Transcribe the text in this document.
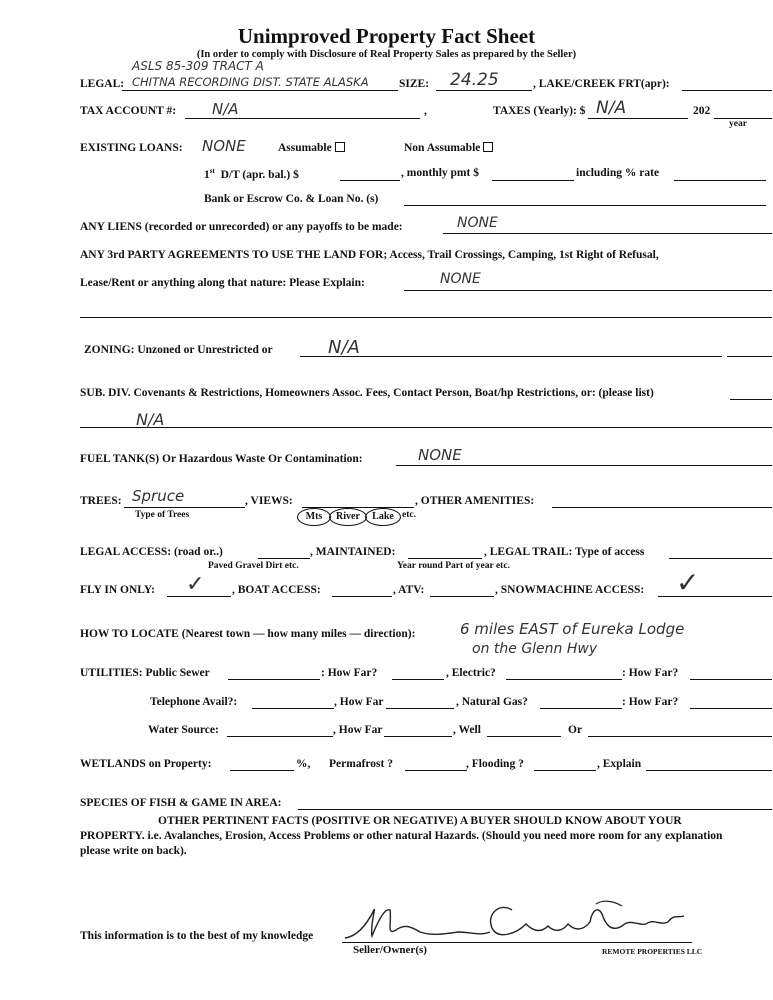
Unimproved Property Fact Sheet
(In order to comply with Disclosure of Real Property Sales as prepared by the Seller)
ASLS 85-309 TRACT A
LEGAL: CHITNA RECORDING DIST. STATE ALASKA	SIZE: 24.25	, LAKE/CREEK FRT(apr):
TAX ACCOUNT #: N/A	,	TAXES (Yearly): $ N/A	202
year
EXISTING LOANS: NONE	Assumable	Non Assumable
1st D/T (apr. bal.) $	, monthly pmt $	including % rate
Bank or Escrow Co. & Loan No. (s)
ANY LIENS (recorded or unrecorded) or any payoffs to be made:	NONE
ANY 3rd PARTY AGREEMENTS TO USE THE LAND FOR; Access, Trail Crossings, Camping, 1st Right of Refusal,
Lease/Rent or anything along that nature: Please Explain:	NONE
ZONING: Unzoned or Unrestricted or	N/A
SUB. DIV. Covenants & Restrictions, Homeowners Assoc. Fees, Contact Person, Boat/hp Restrictions, or: (please list)
N/A
FUEL TANK(S) Or Hazardous Waste Or Contamination:	NONE
TREES: Spruce
Type of Trees
, VIEWS:
Mts	River	Lake etc.
, OTHER AMENITIES:
LEGAL ACCESS: (road or..)	, MAINTAINED:	, LEGAL TRAIL: Type of access
Paved Gravel Dirt etc.	Year round Part of year etc.
FLY IN ONLY: ✓ , BOAT ACCESS:	, ATV:	, SNOWMACHINE ACCESS: ✓
HOW TO LOCATE (Nearest town — how many miles — direction):	6 miles EAST of Eureka Lodge
on the Glenn Hwy
UTILITIES: Public Sewer	: How Far?	, Electric?	: How Far?
Telephone Avail?:	, How Far	, Natural Gas?	: How Far?
Water Source:	, How Far	, Well	Or
WETLANDS on Property:	%, Permafrost ?	, Flooding ?	, Explain
SPECIES OF FISH & GAME IN AREA:
OTHER PERTINENT FACTS (POSITIVE OR NEGATIVE) A BUYER SHOULD KNOW ABOUT YOUR PROPERTY. i.e. Avalanches, Erosion, Access Problems or other natural Hazards. (Should you need more room for any explanation please write on back).
This information is to the best of my knowledge
Seller/Owner(s)	REMOTE PROPERTIES LLC
